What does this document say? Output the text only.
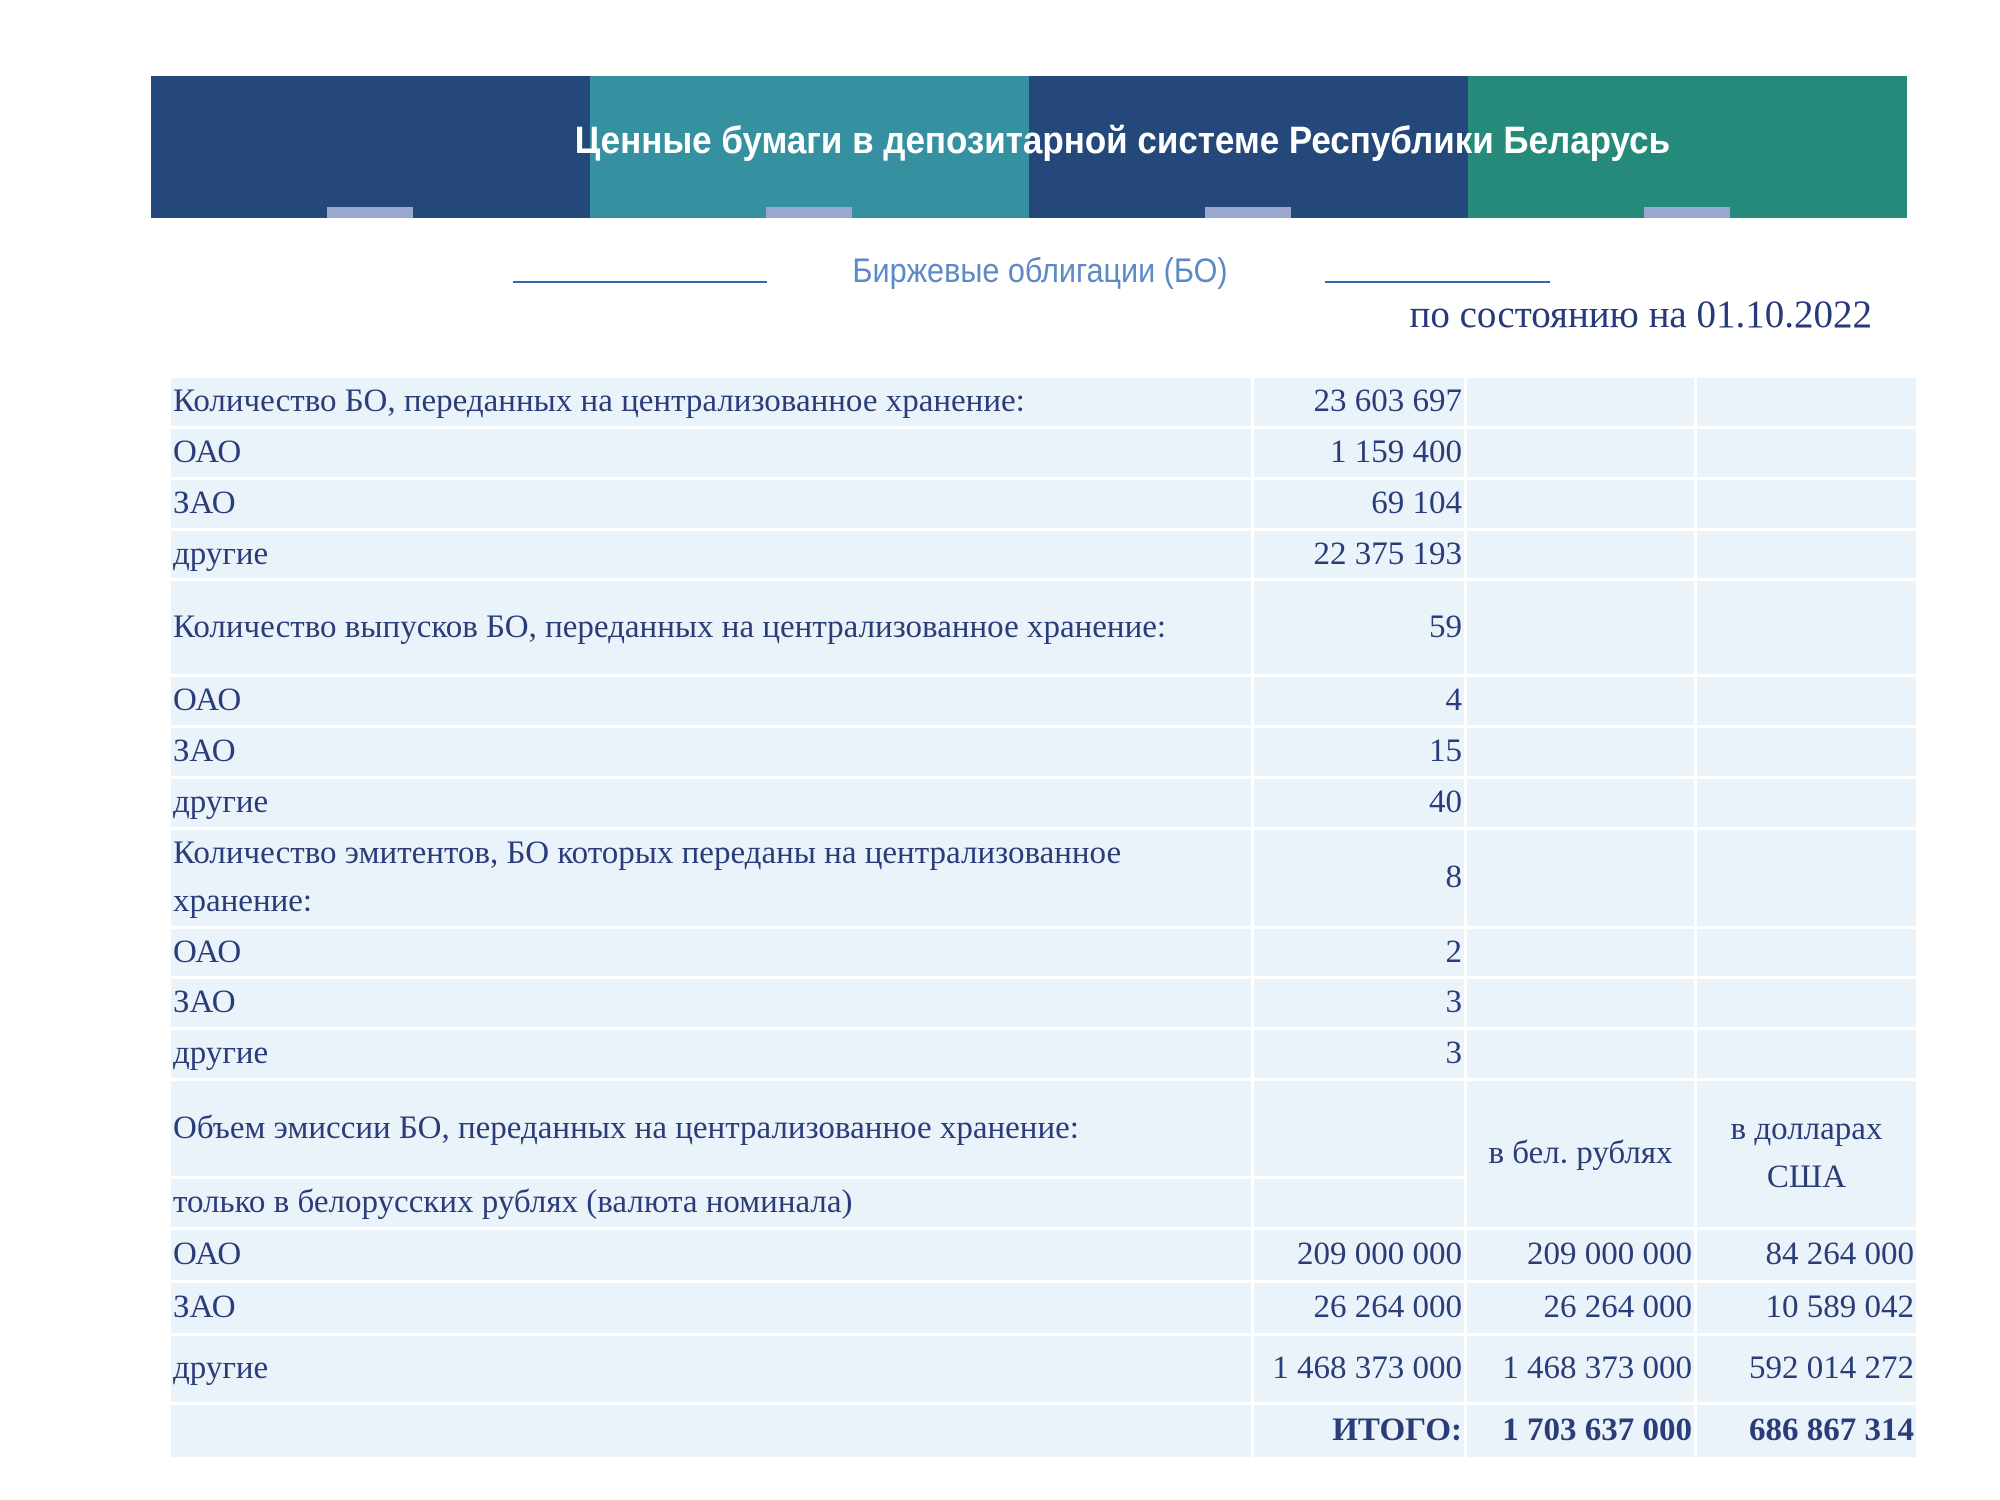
Ценные бумаги в депозитарной системе Республики Беларусь
Биржевые облигации (БО)
по состоянию на 01.10.2022
Количество БО, переданных на централизованное хранение:	23 603 697		
ОАО	1 159 400		
ЗАО	69 104		
другие	22 375 193		
Количество выпусков БО, переданных на централизованное хранение:	59		
ОАО	4		
ЗАО	15		
другие	40		
Количество эмитентов, БО которых переданы на централизованное хранение:	8		
ОАО	2		
ЗАО	3		
другие	3		
Объем эмиссии БО, переданных на централизованное хранение:		в бел. рублях	в долларах США
только в белорусских рублях (валюта номинала)			
ОАО	209 000 000	209 000 000	84 264 000
ЗАО	26 264 000	26 264 000	10 589 042
другие	1 468 373 000	1 468 373 000	592 014 272
	ИТОГО:	1 703 637 000	686 867 314
